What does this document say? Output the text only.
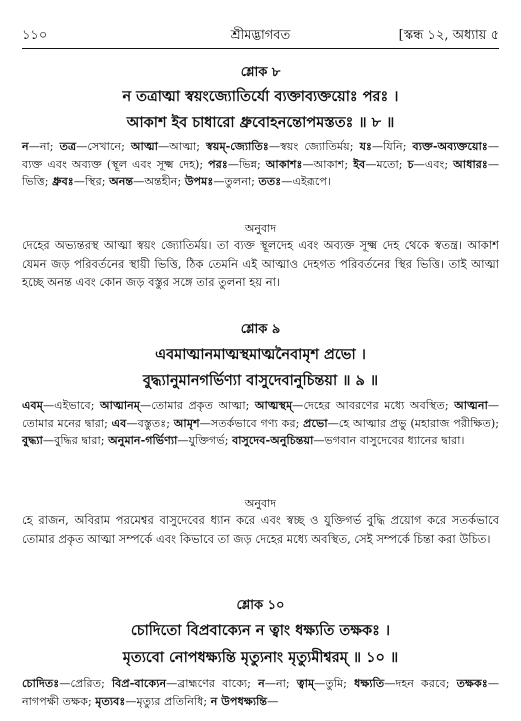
১১০	শ্রীমদ্ভাগবত	[স্কন্ধ ১২, অধ্যায় ৫
শ্লোক ৮
ন তত্রাত্মা স্বয়ংজ্যোতির্যো ব্যক্তাব্যক্তয়োঃ পরঃ ।
আকাশ ইব চাধারো ধ্রুবোহনন্তোপমস্ততঃ ॥ ৮ ॥
ন—না; তত্র—সেখানে; আত্মা—আত্মা; স্বয়ম্-জ্যোতিঃ—স্বয়ং জ্যোতির্ময়; যঃ—যিনি; ব্যক্ত-অব্যক্তয়োঃ—ব্যক্ত এবং অব্যক্ত (স্থূল এবং সূক্ষ্ম দেহ); পরঃ—ভিন্ন; আকাশঃ—আকাশ; ইব—মতো; চ—এবং; আধারঃ—ভিত্তি; ধ্রুবঃ—স্থির; অনন্ত—অন্তহীন; উপমঃ—তুলনা; ততঃ—এইরূপে।
অনুবাদ
দেহের অভ্যন্তরস্থ আত্মা স্বয়ং জ্যোতির্ময়। তা ব্যক্ত স্থূলদেহ এবং অব্যক্ত সূক্ষ্ম দেহ থেকে স্বতন্ত্র। আকাশ যেমন জড় পরিবর্তনের স্থায়ী ভিত্তি, ঠিক তেমনি এই আত্মাও দেহগত পরিবর্তনের স্থির ভিত্তি। তাই আত্মা হচ্ছে অনন্ত এবং কোন জড় বস্তুর সঙ্গে তার তুলনা হয় না।
শ্লোক ৯
এবমাত্মানমাত্মস্থমাত্মনৈবামৃশ প্রভো ।
বুদ্ধ্যানুমানগর্ভিণ্যা বাসুদেবানুচিন্তয়া ॥ ৯ ॥
এবম্—এইভাবে; আত্মানম্—তোমার প্রকৃত আত্মা; আত্মস্থম্—দেহের আবরণের মধ্যে অবস্থিত; আত্মনা—তোমার মনের দ্বারা; এব—বস্তুতঃ; আমৃশ—সতর্কভাবে গণ্য কর; প্রভো—হে আত্মার প্রভু (মহারাজ পরীক্ষিত); বুদ্ধ্যা—বুদ্ধির দ্বারা; অনুমান-গর্ভিণ্যা—যুক্তিগর্ভ; বাসুদেব-অনুচিন্তয়া—ভগবান বাসুদেবের ধ্যানের দ্বারা।
অনুবাদ
হে রাজন, অবিরাম পরমেশ্বর বাসুদেবের ধ্যান করে এবং স্বচ্ছ ও যুক্তিগর্ভ বুদ্ধি প্রয়োগ করে সতর্কভাবে তোমার প্রকৃত আত্মা সম্পর্কে এবং কিভাবে তা জড় দেহের মধ্যে অবস্থিত, সেই সম্পর্কে চিন্তা করা উচিত।
শ্লোক ১০
চোদিতো বিপ্রবাক্যেন ন ত্বাং ধক্ষ্যতি তক্ষকঃ ।
মৃত্যবো নোপধক্ষ্যন্তি মৃত্যুনাং মৃত্যুমীশ্বরম্ ॥ ১০ ॥
চোদিতঃ—প্রেরিত; বিপ্র-বাক্যেন—ব্রাহ্মণের বাক্যে; ন—না; ত্বাম্—তুমি; ধক্ষ্যতি—দহন করবে; তক্ষকঃ—নাগপক্ষী তক্ষক; মৃত্যবঃ—মৃত্যুর প্রতিনিধি; ন উপধক্ষ্যন্তি—
